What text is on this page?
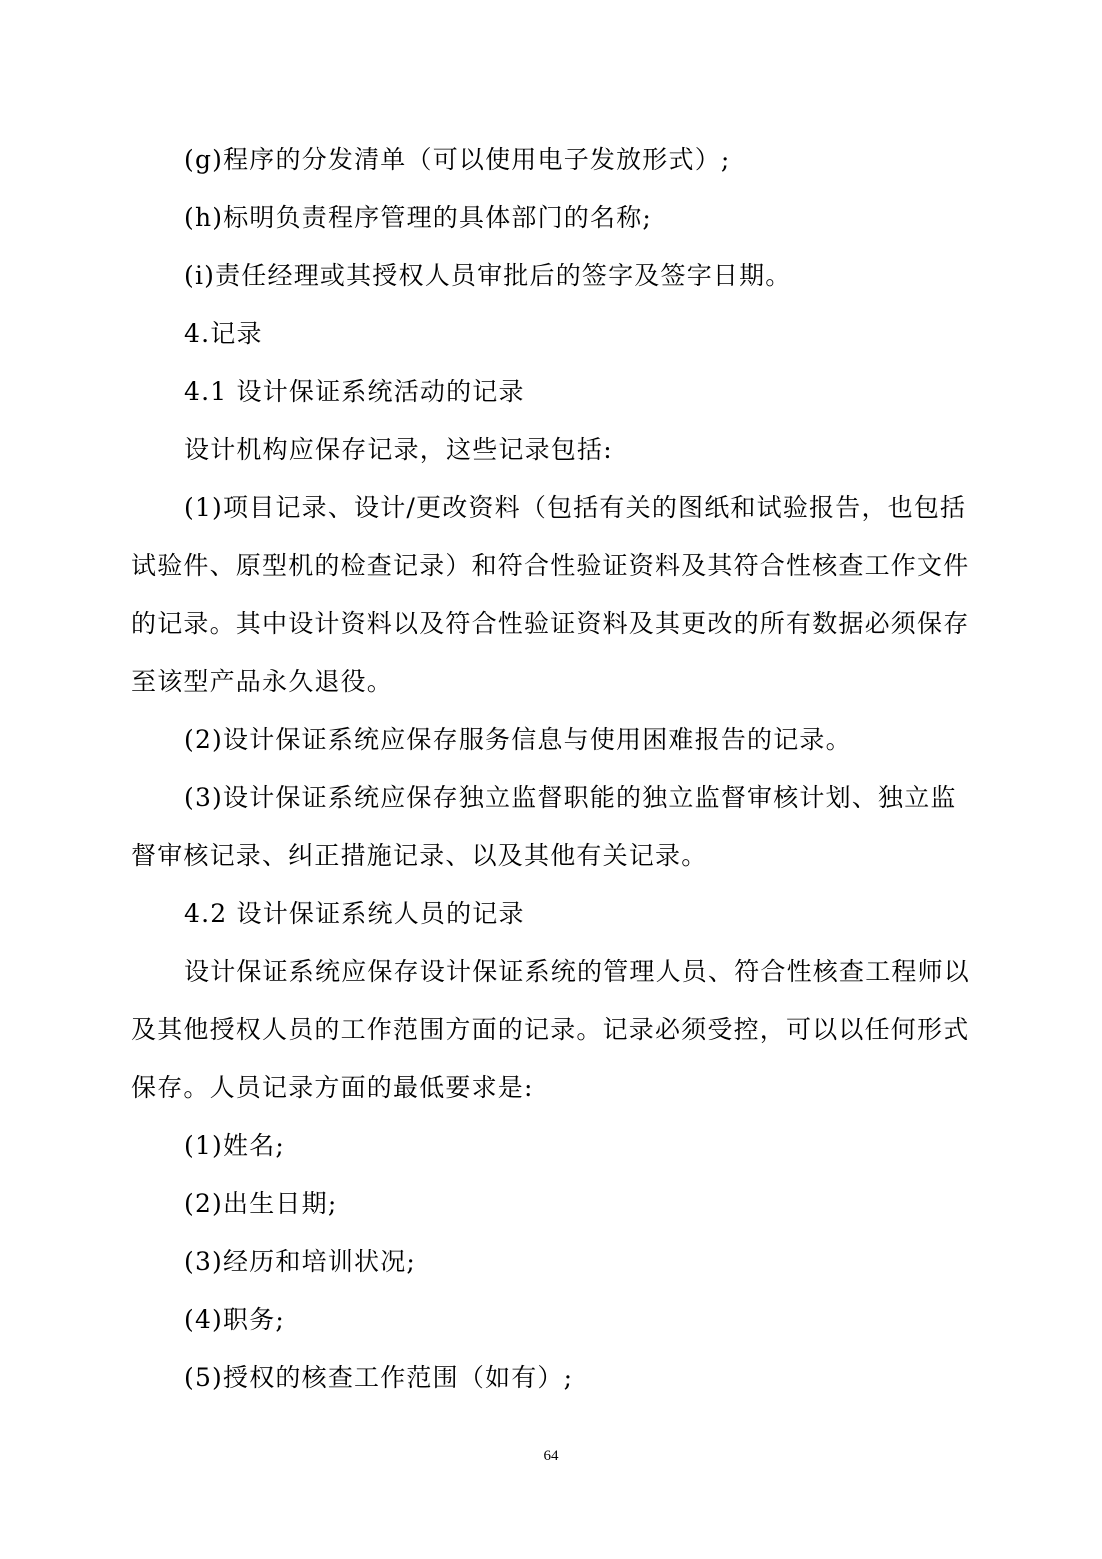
(g)程序的分发清单（可以使用电子发放形式）;
(h)标明负责程序管理的具体部门的名称;
(i)责任经理或其授权人员审批后的签字及签字日期。
4.记录
4.1 设计保证系统活动的记录
设计机构应保存记录，这些记录包括:
(1)项目记录、设计/更改资料（包括有关的图纸和试验报告，也包括
试验件、原型机的检查记录）和符合性验证资料及其符合性核查工作文件
的记录。其中设计资料以及符合性验证资料及其更改的所有数据必须保存
至该型产品永久退役。
(2)设计保证系统应保存服务信息与使用困难报告的记录。
(3)设计保证系统应保存独立监督职能的独立监督审核计划、独立监
督审核记录、纠正措施记录、以及其他有关记录。
4.2 设计保证系统人员的记录
设计保证系统应保存设计保证系统的管理人员、符合性核查工程师以
及其他授权人员的工作范围方面的记录。记录必须受控，可以以任何形式
保存。人员记录方面的最低要求是:
(1)姓名;
(2)出生日期;
(3)经历和培训状况;
(4)职务;
(5)授权的核查工作范围（如有）;
64
